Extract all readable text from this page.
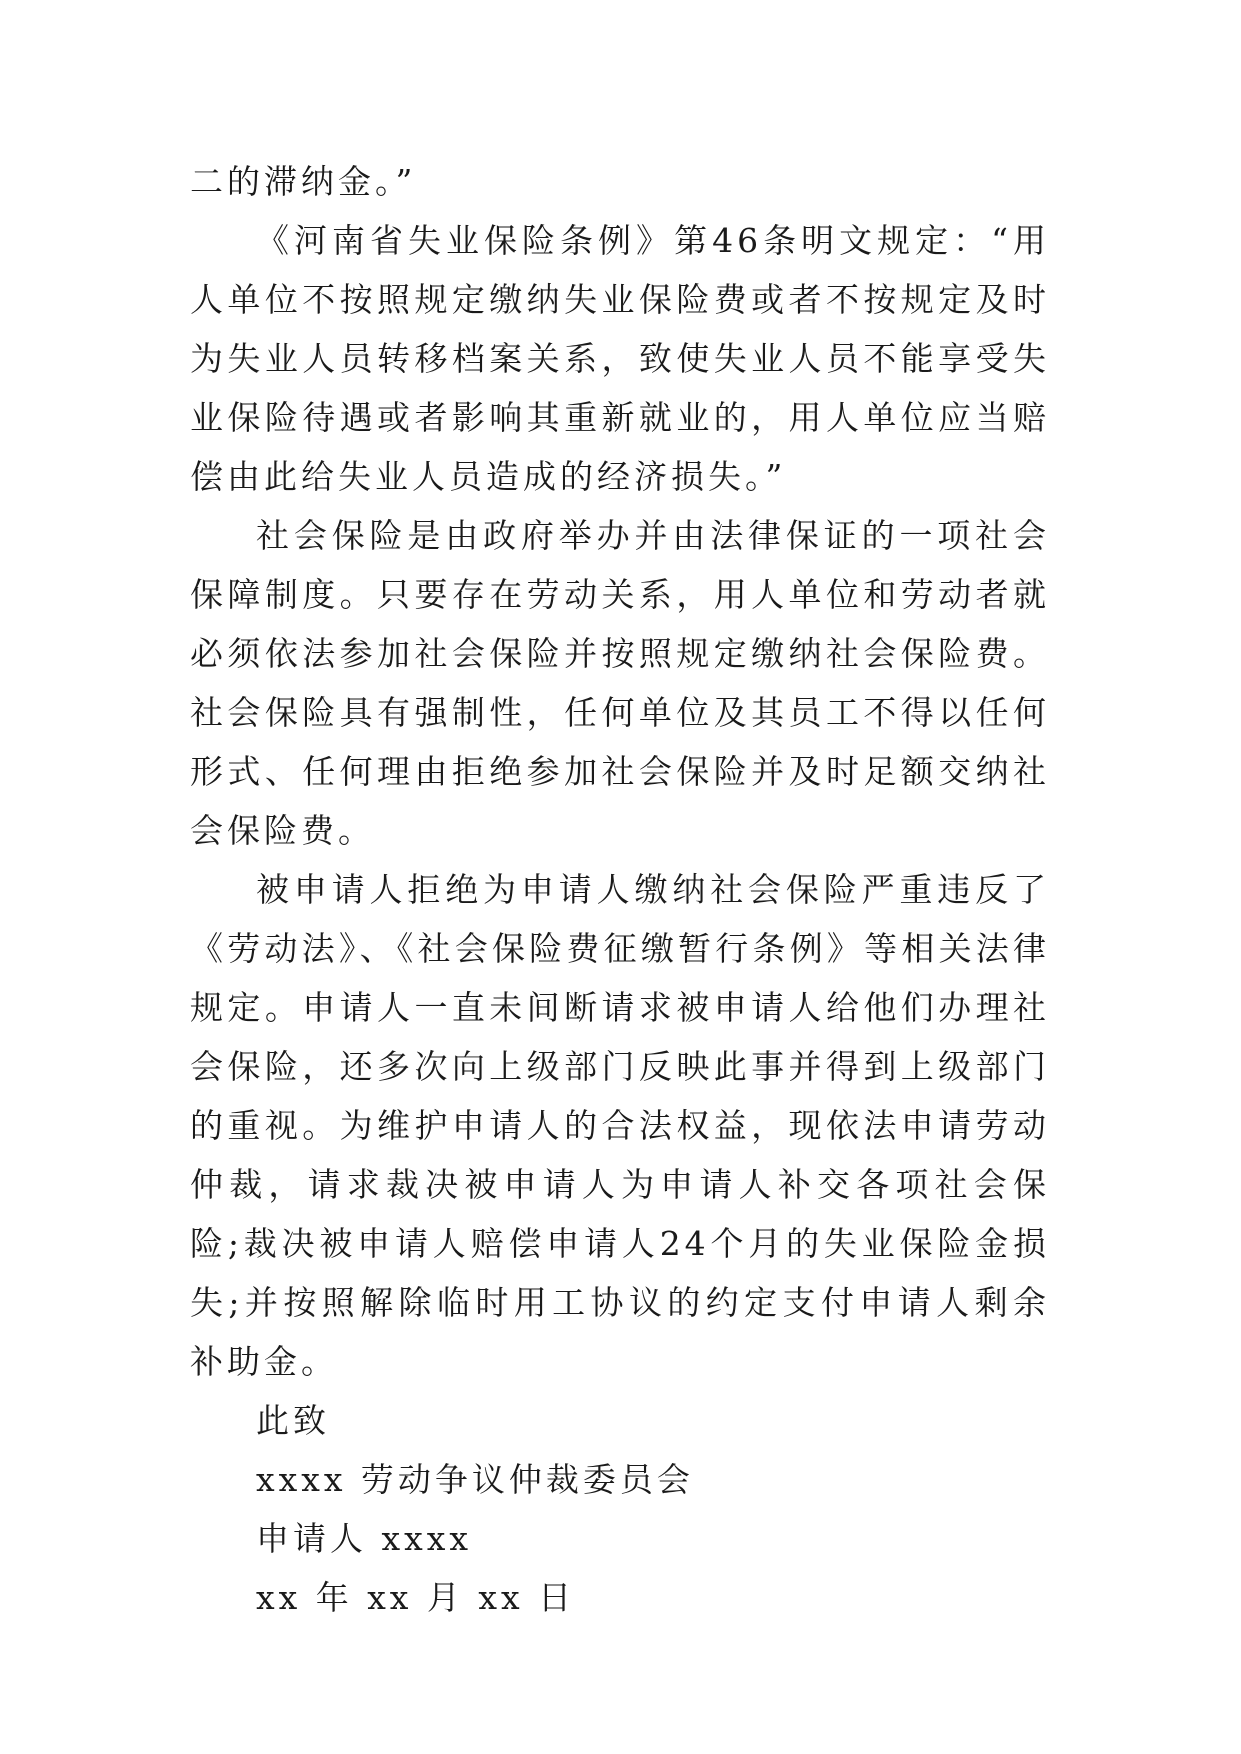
二的滞纳金。”

《河南省失业保险条例》第46条明文规定：“用人单位不按照规定缴纳失业保险费或者不按规定及时为失业人员转移档案关系，致使失业人员不能享受失业保险待遇或者影响其重新就业的，用人单位应当赔偿由此给失业人员造成的经济损失。”

社会保险是由政府举办并由法律保证的一项社会保障制度。只要存在劳动关系，用人单位和劳动者就必须依法参加社会保险并按照规定缴纳社会保险费。社会保险具有强制性，任何单位及其员工不得以任何形式、任何理由拒绝参加社会保险并及时足额交纳社会保险费。

被申请人拒绝为申请人缴纳社会保险严重违反了《劳动法》、《社会保险费征缴暂行条例》等相关法律规定。申请人一直未间断请求被申请人给他们办理社会保险，还多次向上级部门反映此事并得到上级部门的重视。为维护申请人的合法权益，现依法申请劳动仲裁，请求裁决被申请人为申请人补交各项社会保险;裁决被申请人赔偿申请人24个月的失业保险金损失;并按照解除临时用工协议的约定支付申请人剩余补助金。

此致

xxxx 劳动争议仲裁委员会

申请人 xxxx

xx 年 xx 月 xx 日
